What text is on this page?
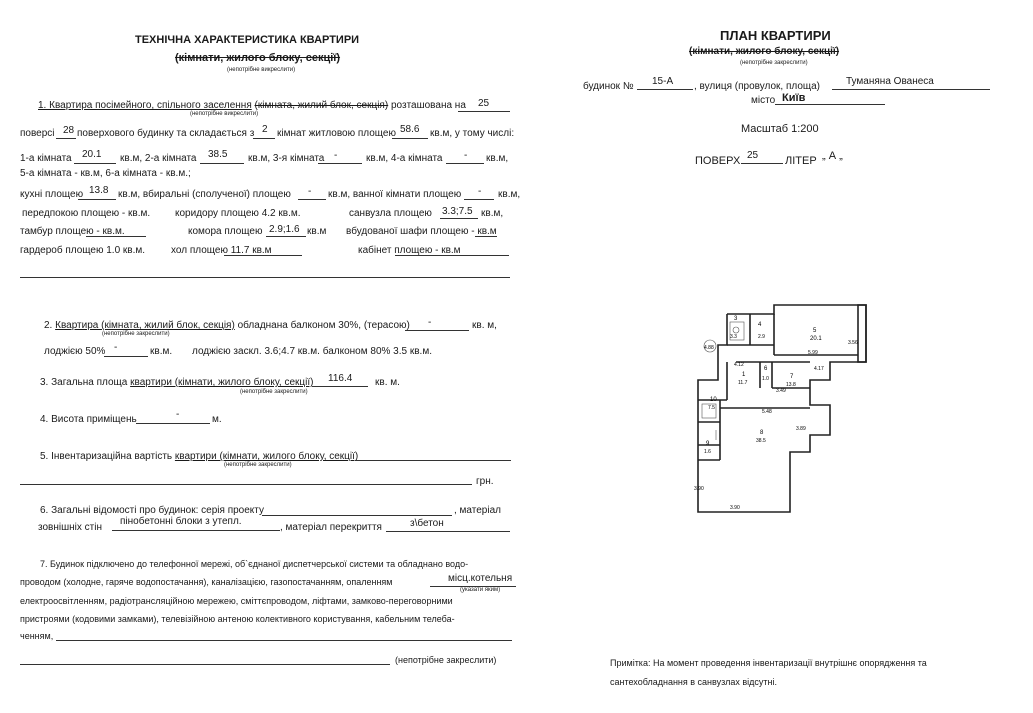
ТЕХНІЧНА ХАРАКТЕРИСТИКА КВАРТИРИ
(кімнати, жилого блоку, секції)
(непотрібне викреслити)
1. Квартира посімейного, спільного заселення (кімната, жилий блок, секція) розташована на 25
(непотрібне викреслити)
поверсі 28 поверхового будинку та складається з 2 кімнат житловою площею 58.6 кв.м, у тому числі:
1-а кімната 20.1 кв.м, 2-а кімната 38.5 кв.м, 3-я кімната -	кв.м, 4-а кімната - кв.м,
5-а кімната - кв.м, 6-а кімната - кв.м.;
кухні площею 13.8 кв.м, вбиральні (сполученої) площею - кв.м, ванної кімнати площею - кв.м,
передпокою площею - кв.м. коридору площею 4.2 кв.м.	санвузла площею 3.3;7.5 кв.м,
тамбур площею - кв.м.	комора площею 2.9;1.6 кв.м вбудованої шафи площею - кв.м
гардероб площею 1.0 кв.м.	хол площею 11.7 кв.м	кабінет площею - кв.м
2. Квартира (кімната, жилий блок, секція) обладнана балконом 30%, (терасою) -	кв. м,
(непотрібне закреслити)
лоджією 50% -	кв.м. лоджією заскл. 3.6;4.7 кв.м. балконом 80% 3.5 кв.м.
3. Загальна площа квартири (кімнати, жилого блоку, секції) 116.4 кв. м.
(непотрібне закреслити)
4. Висота приміщень	-	м.
5. Інвентаризаційна вартість квартири (кімнати, жилого блоку, секції)
(непотрібне закреслити)
грн.
6. Загальні відомості про будинок: серія проекту	, матеріал
зовнішніх стін
пінобетонні блоки з утепл.
, матеріал перекриття	з\бетон
7. Будинок підключено до телефонної мережі, об`єднаної диспетчерської системи та обладнано водо-
проводом (холодне, гаряче водопостачання), каналізацією, газопостачанням, опаленням	місц.котельня
(указати яким)
електроосвітленням, радіотрансляційною мережею, сміттєпроводом, ліфтами, замково-переговорними
пристроями (кодовими замками), телевізійною антеною колективного користування, кабельним телеба-
ченням,
(непотрібне закреслити)
ПЛАН КВАРТИРИ
(кімнати, жилого блоку, секції)
(непотрібне закреслити)
будинок № 15-А , вулиця (провулок, площа)	Туманяна Ованеса
місто Київ
Масштаб 1:200
ПОВЕРХ 25 ЛІТЕР „ А „
3
3.3
4
2.9
5
20.1
4.88
5.99
4.12
3.56
1
11.7
6
1.0	7
13.8
4.17
3.49
5.48
10
7.5
8
38.5
9
1.6
3.89
3.90
3.90
Примітка: На момент проведення інвентаризації внутрішнє опорядження та
сантехобладнання в санвузлах відсутні.
